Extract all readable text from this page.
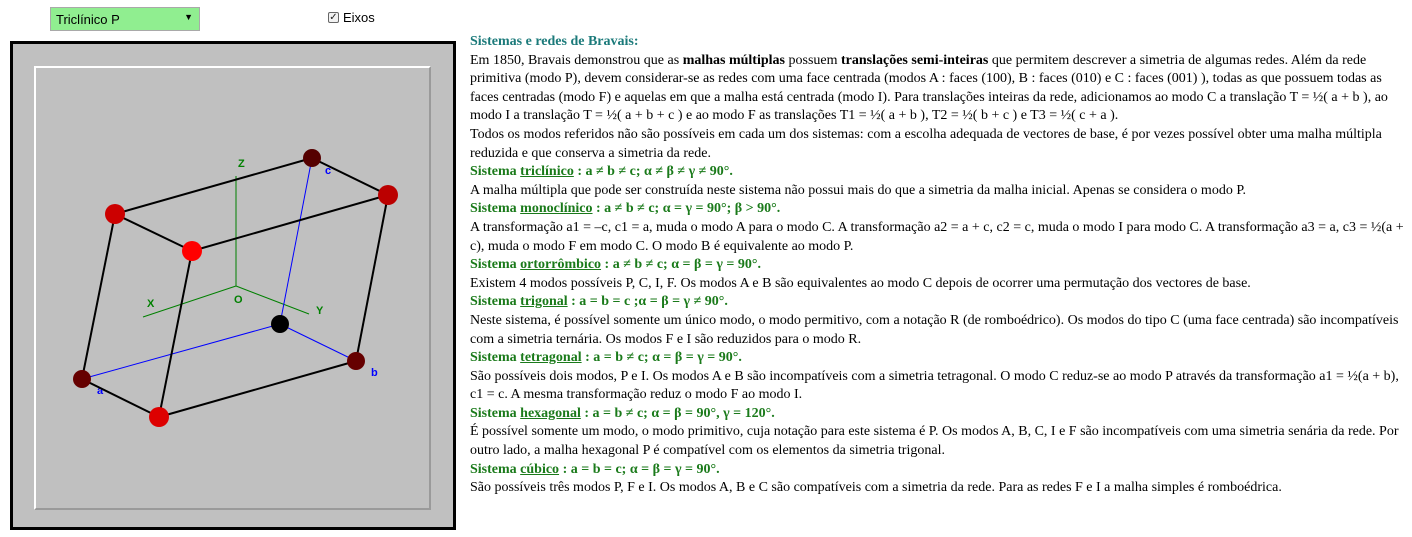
Triclínico P	▼	✓ Eixos
Z
X	O
Y
a
b
c

Sistemas e redes de Bravais:

Em 1850, Bravais demonstrou que as malhas múltiplas possuem translações semi-inteiras que permitem descrever a simetria de algumas redes. Além da rede primitiva (modo P), devem considerar-se as redes com uma face centrada (modos A : faces (100), B : faces (010) e C : faces (001) ), todas as que possuem todas as faces centradas (modo F) e aquelas em que a malha está centrada (modo I). Para translações inteiras da rede, adicionamos ao modo C a translação T = ½( a + b ), ao modo I a translação T = ½( a + b + c ) e ao modo F as translações T1 = ½( a + b ), T2 = ½( b + c ) e T3 = ½( c + a ).

Todos os modos referidos não são possíveis em cada um dos sistemas: com a escolha adequada de vectores de base, é por vezes possível obter uma malha múltipla reduzida e que conserva a simetria da rede.

Sistema triclínico : a ≠ b ≠ c; α ≠ β ≠ γ ≠ 90°.

A malha múltipla que pode ser construída neste sistema não possui mais do que a simetria da malha inicial. Apenas se considera o modo P.

Sistema monoclínico : a ≠ b ≠ c; α = γ = 90°; β > 90°.

A transformação a1 = –c, c1 = a, muda o modo A para o modo C. A transformação a2 = a + c, c2 = c, muda o modo I para modo C. A transformação a3 = a, c3 = ½(a + c), muda o modo F em modo C. O modo B é equivalente ao modo P.

Sistema ortorrômbico : a ≠ b ≠ c; α = β = γ = 90°.

Existem 4 modos possíveis P, C, I, F. Os modos A e B são equivalentes ao modo C depois de ocorrer uma permutação dos vectores de base.

Sistema trigonal : a = b = c ;α = β = γ ≠ 90°.

Neste sistema, é possível somente um único modo, o modo permitivo, com a notação R (de romboédrico). Os modos do tipo C (uma face centrada) são incompatíveis com a simetria ternária. Os modos F e I são reduzidos para o modo R.

Sistema tetragonal : a = b ≠ c; α = β = γ = 90°.

São possíveis dois modos, P e I. Os modos A e B são incompatíveis com a simetria tetragonal. O modo C reduz-se ao modo P através da transformação a1 = ½(a + b), c1 = c. A mesma transformação reduz o modo F ao modo I.

Sistema hexagonal : a = b ≠ c; α = β = 90°, γ = 120°.

É possível somente um modo, o modo primitivo, cuja notação para este sistema é P. Os modos A, B, C, I e F são incompatíveis com uma simetria senária da rede. Por outro lado, a malha hexagonal P é compatível com os elementos da simetria trigonal.

Sistema cúbico : a = b = c; α = β = γ = 90°.

São possíveis três modos P, F e I. Os modos A, B e C são compatíveis com a simetria da rede. Para as redes F e I a malha simples é romboédrica.
